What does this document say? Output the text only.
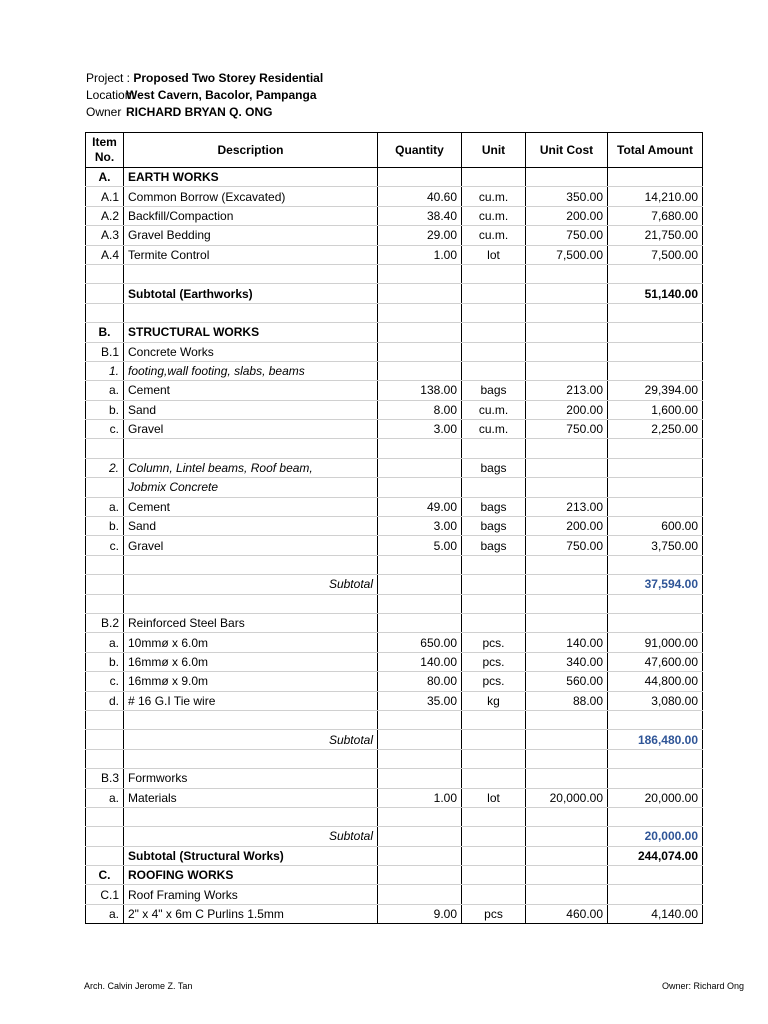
Project : Proposed Two Storey Residential
Location:West Cavern, Bacolor, Pampanga
Owner RICHARD BRYAN Q. ONG
Item
No.	Description	Quantity	Unit	Unit Cost	Total Amount
A.	EARTH WORKS				
A.1	Common Borrow (Excavated)	40.60	cu.m.	350.00	14,210.00
A.2	Backfill/Compaction	38.40	cu.m.	200.00	7,680.00
A.3	Gravel Bedding	29.00	cu.m.	750.00	21,750.00
A.4	Termite Control	1.00	lot	7,500.00	7,500.00

	Subtotal (Earthworks)				51,140.00

B.	STRUCTURAL WORKS				
B.1	Concrete Works				
1.	footing,wall footing, slabs, beams				
a.	Cement	138.00	bags	213.00	29,394.00
b.	Sand	8.00	cu.m.	200.00	1,600.00
c.	Gravel	3.00	cu.m.	750.00	2,250.00

2.	Column, Lintel beams, Roof beam,		bags		
	Jobmix Concrete				
a.	Cement	49.00	bags	213.00	
b.	Sand	3.00	bags	200.00	600.00
c.	Gravel	5.00	bags	750.00	3,750.00

	Subtotal				37,594.00

B.2	Reinforced Steel Bars				
a.	10mmø x 6.0m	650.00	pcs.	140.00	91,000.00
b.	16mmø x 6.0m	140.00	pcs.	340.00	47,600.00
c.	16mmø x 9.0m	80.00	pcs.	560.00	44,800.00
d.	# 16 G.I Tie wire	35.00	kg	88.00	3,080.00

	Subtotal				186,480.00

B.3	Formworks				
a.	Materials	1.00	lot	20,000.00	20,000.00

	Subtotal				20,000.00
	Subtotal (Structural Works)				244,074.00
C.	ROOFING WORKS				
C.1	Roof Framing Works				
a.	2" x 4" x 6m C Purlins 1.5mm	9.00	pcs	460.00	4,140.00
Arch. Calvin Jerome Z. Tan	Owner: Richard Ong
